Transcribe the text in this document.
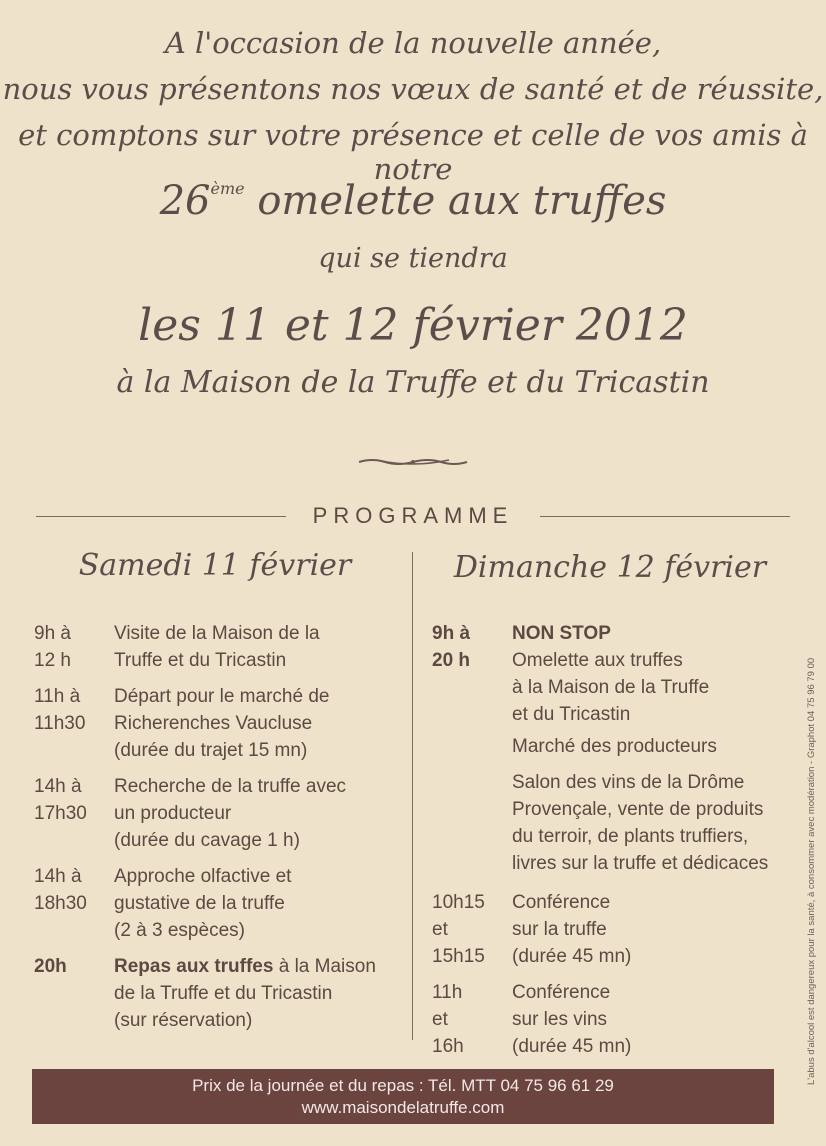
A l'occasion de la nouvelle année,
nous vous présentons nos vœux de santé et de réussite,
et comptons sur votre présence et celle de vos amis à notre
26ème omelette aux truffes
qui se tiendra
les 11 et 12 février 2012
à la Maison de la Truffe et du Tricastin
PROGRAMME
Samedi 11 février	Dimanche 12 février
9h à
12 h
Visite de la Maison de la
Truffe et du Tricastin
11h à
11h30
Départ pour le marché de
Richerenches Vaucluse
(durée du trajet 15 mn)
14h à
17h30
Recherche de la truffe avec
un producteur
(durée du cavage 1 h)
14h à
18h30
Approche olfactive et
gustative de la truffe
(2 à 3 espèces)
20h	Repas aux truffes à la Maison
de la Truffe et du Tricastin
(sur réservation)
9h à
20 h
NON STOP
Omelette aux truffes
à la Maison de la Truffe
et du Tricastin
Marché des producteurs
Salon des vins de la Drôme
Provençale, vente de produits
du terroir, de plants truffiers,
livres sur la truffe et dédicaces
10h15
et
15h15
Conférence
sur la truffe
(durée 45 mn)
11h
et
16h
Conférence
sur les vins
(durée 45 mn)
Prix de la journée et du repas : Tél. MTT 04 75 96 61 29
www.maisondelatruffe.com
L'abus d'alcool est dangereux pour la santé, à consommer avec modération - Graphot 04 75 96 79 00
